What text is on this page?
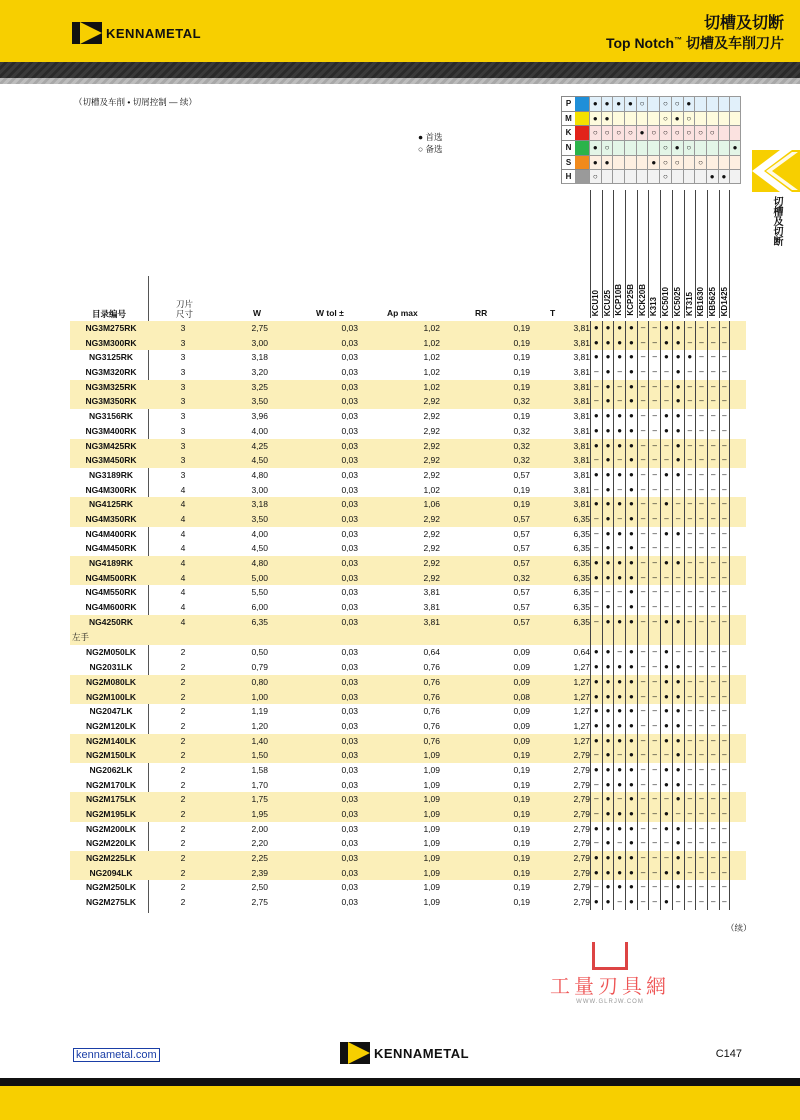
KENNAMETAL
切槽及切断
Top Notch™ 切槽及车削刀片
（切槽及车削 • 切屑控制 — 续）
● 首选
○ 备选
切槽及切断
P	● ● ● ● ○	○ ○ ●
M	● ●	○ ● ○
K	○ ○ ○ ○ ● ○ ○ ○ ○ ○ ○
N	● ○	○ ● ○	●
S	● ●	● ○ ○	○
H	○	○	● ●
KCU10 KCU25 KCP10B KCP25B KCK20B K313 KC5010 KC5025 KT315 KB1630 KB5625 KD1425
目录编号
刀片
尺寸	W	W tol ±	Ap max	RR	T
NG3M275RK	3	2,75	0,03	1,02	0,19	3,81 ● ● ● ● – – ● ● – – – –
NG3M300RK	3	3,00	0,03	1,02	0,19	3,81 ● ● ● ● – – ● ● – – – –
NG3125RK	3	3,18	0,03	1,02	0,19	3,81 ● ● ● ● – – ● ● ● – – –
NG3M320RK	3	3,20	0,03	1,02	0,19	3,81 – ● – ● – – – ● – – – –
NG3M325RK	3	3,25	0,03	1,02	0,19	3,81 – ● – ● – – – ● – – – –
NG3M350RK	3	3,50	0,03	2,92	0,32	3,81 – ● – ● – – – ● – – – –
NG3156RK	3	3,96	0,03	2,92	0,19	3,81 ● ● ● ● – – ● ● – – – –
NG3M400RK	3	4,00	0,03	2,92	0,32	3,81 ● ● ● ● – – ● ● – – – –
NG3M425RK	3	4,25	0,03	2,92	0,32	3,81 ● ● ● ● – – – ● – – – –
NG3M450RK	3	4,50	0,03	2,92	0,32	3,81 – ● – ● – – – ● – – – –
NG3189RK	3	4,80	0,03	2,92	0,57	3,81 ● ● ● ● – – ● ● – – – –
NG4M300RK	4	3,00	0,03	1,02	0,19	3,81 – ● – ● – – – – – – – –
NG4125RK	4	3,18	0,03	1,06	0,19	3,81 ● ● ● ● – – ● – – – – –
NG4M350RK	4	3,50	0,03	2,92	0,57	6,35 – ● – ● – – – – – – – –
NG4M400RK	4	4,00	0,03	2,92	0,57	6,35 – ● ● ● – – ● ● – – – –
NG4M450RK	4	4,50	0,03	2,92	0,57	6,35 – ● – ● – – – – – – – –
NG4189RK	4	4,80	0,03	2,92	0,57	6,35 ● ● ● ● – – ● ● – – – –
NG4M500RK	4	5,00	0,03	2,92	0,32	6,35 ● ● ● ● – – – – – – – –
NG4M550RK	4	5,50	0,03	3,81	0,57	6,35 – – – ● – – – – – – – –
NG4M600RK	4	6,00	0,03	3,81	0,57	6,35 – ● – ● – – – – – – – –
NG4250RK	4	6,35	0,03	3,81	0,57	6,35 – ● ● ● – – ● ● – – – –
左手
NG2M050LK	2	0,50	0,03	0,64	0,09	0,64 ● ● – ● – – ● – – – – –
NG2031LK	2	0,79	0,03	0,76	0,09	1,27 ● ● ● ● – – ● ● – – – –
NG2M080LK	2	0,80	0,03	0,76	0,09	1,27 ● ● ● ● – – ● ● – – – –
NG2M100LK	2	1,00	0,03	0,76	0,08	1,27 ● ● ● ● – – ● ● – – – –
NG2047LK	2	1,19	0,03	0,76	0,09	1,27 ● ● ● ● – – ● ● – – – –
NG2M120LK	2	1,20	0,03	0,76	0,09	1,27 ● ● ● ● – – ● ● – – – –
NG2M140LK	2	1,40	0,03	0,76	0,09	1,27 ● ● ● ● – – ● ● – – – –
NG2M150LK	2	1,50	0,03	1,09	0,19	2,79 – ● – ● – – – ● – – – –
NG2062LK	2	1,58	0,03	1,09	0,19	2,79 ● ● ● ● – – ● ● – – – –
NG2M170LK	2	1,70	0,03	1,09	0,19	2,79 – ● ● ● – – ● ● – – – –
NG2M175LK	2	1,75	0,03	1,09	0,19	2,79 – ● – ● – – – ● – – – –
NG2M195LK	2	1,95	0,03	1,09	0,19	2,79 – ● ● ● – – ● – – – – –
NG2M200LK	2	2,00	0,03	1,09	0,19	2,79 ● ● ● ● – – ● ● – – – –
NG2M220LK	2	2,20	0,03	1,09	0,19	2,79 – ● – ● – – – ● – – – –
NG2M225LK	2	2,25	0,03	1,09	0,19	2,79 ● ● ● ● – – – ● – – – –
NG2094LK	2	2,39	0,03	1,09	0,19	2,79 ● ● ● ● – – ● ● – – – –
NG2M250LK	2	2,50	0,03	1,09	0,19	2,79 – ● ● ● – – – ● – – – –
NG2M275LK	2	2,75	0,03	1,09	0,19	2,79 ● ● – ● – – ● – – – – –
（续）
工量刃具網
WWW.GLRJW.COM
kennametal.com	KENNAMETAL	C147
